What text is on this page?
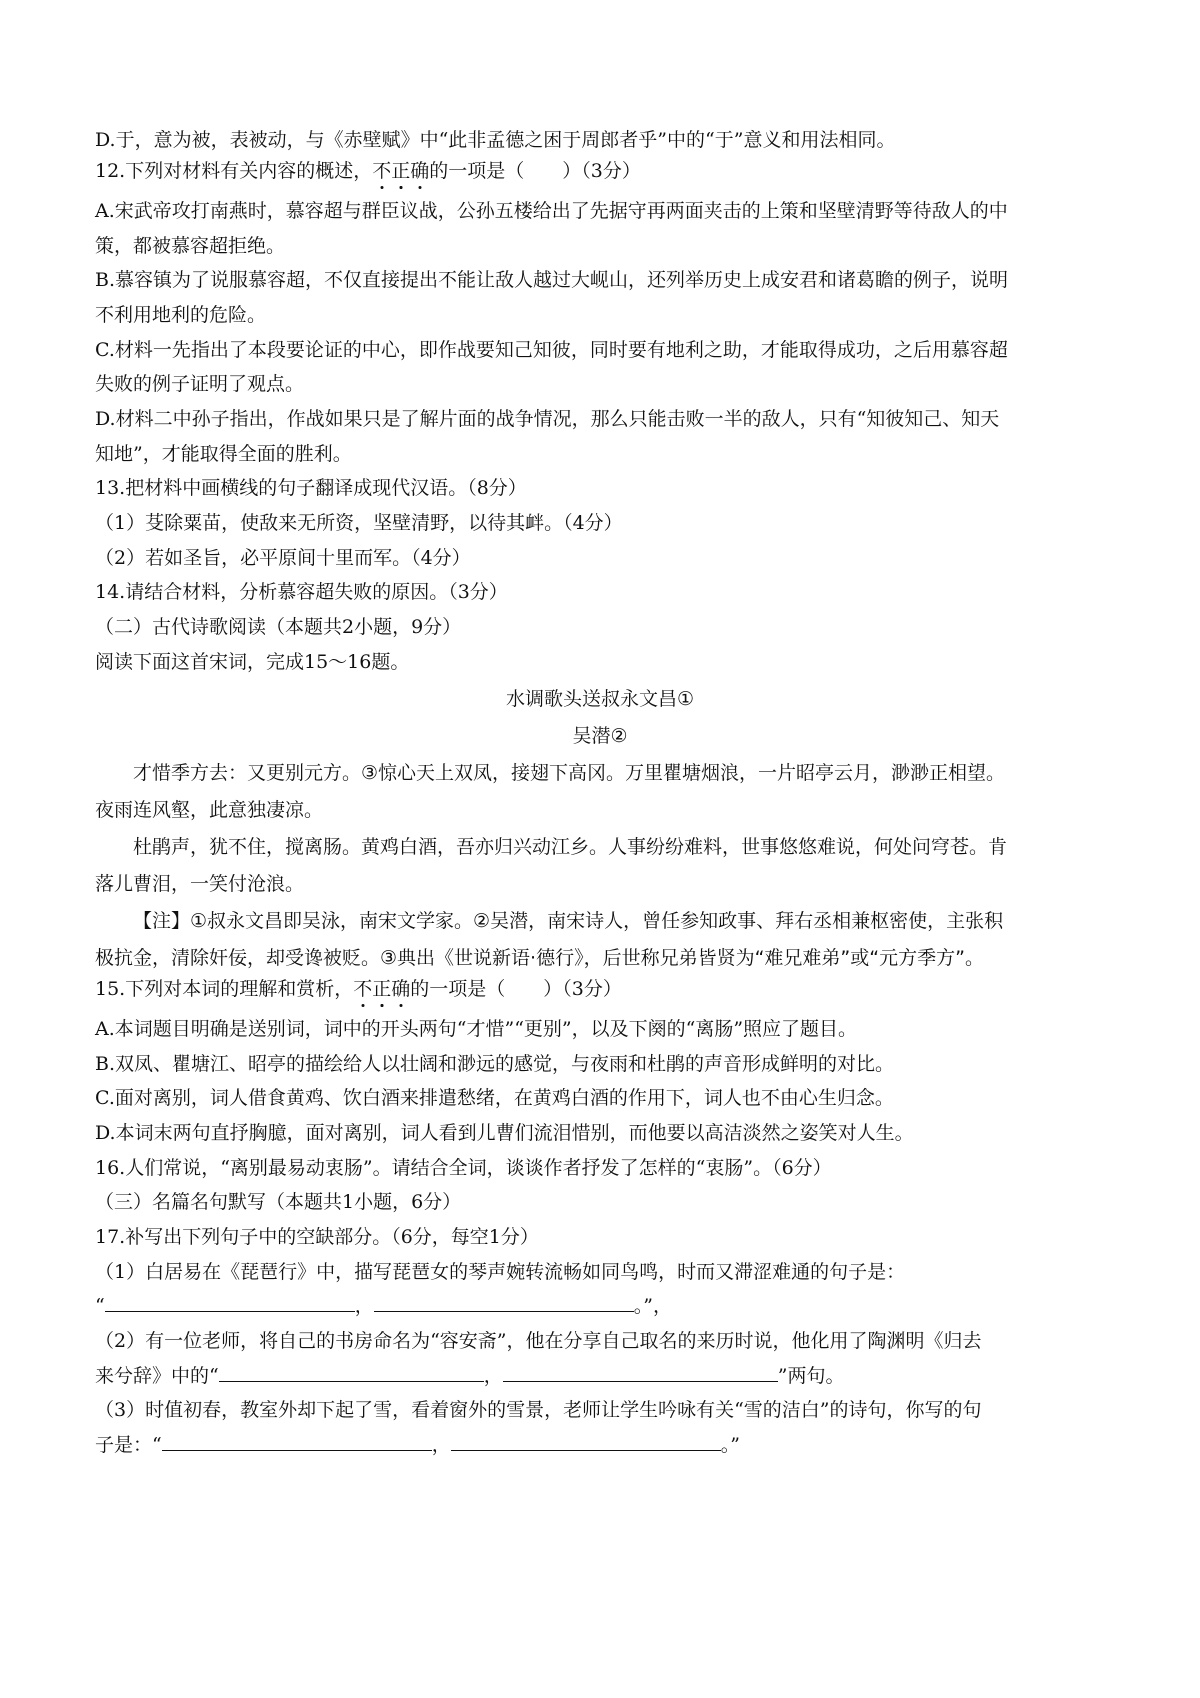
D.于，意为被，表被动，与《赤壁赋》中“此非孟德之困于周郎者乎”中的“于”意义和用法相同。
12.下列对材料有关内容的概述，不正确的一项是（　　）（3分）
A.宋武帝攻打南燕时，慕容超与群臣议战，公孙五楼给出了先据守再两面夹击的上策和坚壁清野等待敌人的中
策，都被慕容超拒绝。
B.慕容镇为了说服慕容超，不仅直接提出不能让敌人越过大岘山，还列举历史上成安君和诸葛瞻的例子，说明
不利用地利的危险。
C.材料一先指出了本段要论证的中心，即作战要知己知彼，同时要有地利之助，才能取得成功，之后用慕容超
失败的例子证明了观点。
D.材料二中孙子指出，作战如果只是了解片面的战争情况，那么只能击败一半的敌人，只有“知彼知己、知天
知地”，才能取得全面的胜利。
13.把材料中画横线的句子翻译成现代汉语。（8分）
（1）芟除粟苗，使敌来无所资，坚壁清野，以待其衅。（4分）
（2）若如圣旨，必平原间十里而军。（4分）
14.请结合材料，分析慕容超失败的原因。（3分）
（二）古代诗歌阅读（本题共2小题，9分）
阅读下面这首宋词，完成15～16题。
水调歌头送叔永文昌①
吴潜②
才惜季方去：又更别元方。③惊心天上双凤，接翅下高冈。万里瞿塘烟浪，一片昭亭云月，渺渺正相望。
夜雨连风壑，此意独凄凉。
杜鹃声，犹不住，搅离肠。黄鸡白酒，吾亦归兴动江乡。人事纷纷难料，世事悠悠难说，何处问穹苍。肯
落儿曹泪，一笑付沧浪。
【注】①叔永文昌即吴泳，南宋文学家。②吴潜，南宋诗人，曾任参知政事、拜右丞相兼枢密使，主张积
极抗金，清除奸佞，却受谗被贬。③典出《世说新语·德行》，后世称兄弟皆贤为“难兄难弟”或“元方季方”。
15.下列对本词的理解和赏析，不正确的一项是（　　）（3分）
A.本词题目明确是送别词，词中的开头两句“才惜”“更别”，以及下阕的“离肠”照应了题目。
B.双凤、瞿塘江、昭亭的描绘给人以壮阔和渺远的感觉，与夜雨和杜鹃的声音形成鲜明的对比。
C.面对离别，词人借食黄鸡、饮白酒来排遣愁绪，在黄鸡白酒的作用下，词人也不由心生归念。
D.本词末两句直抒胸臆，面对离别，词人看到儿曹们流泪惜别，而他要以高洁淡然之姿笑对人生。
16.人们常说，“离别最易动衷肠”。请结合全词，谈谈作者抒发了怎样的“衷肠”。（6分）
（三）名篇名句默写（本题共1小题，6分）
17.补写出下列句子中的空缺部分。（6分，每空1分）
（1）白居易在《琵琶行》中，描写琵琶女的琴声婉转流畅如同鸟鸣，时而又滞涩难通的句子是：
“	，	。”，
（2）有一位老师，将自己的书房命名为“容安斋”，他在分享自己取名的来历时说，他化用了陶渊明《归去
来兮辞》中的“	，	”两句。
（3）时值初春，教室外却下起了雪，看着窗外的雪景，老师让学生吟咏有关“雪的洁白”的诗句，你写的句
子是：“	，	。”
